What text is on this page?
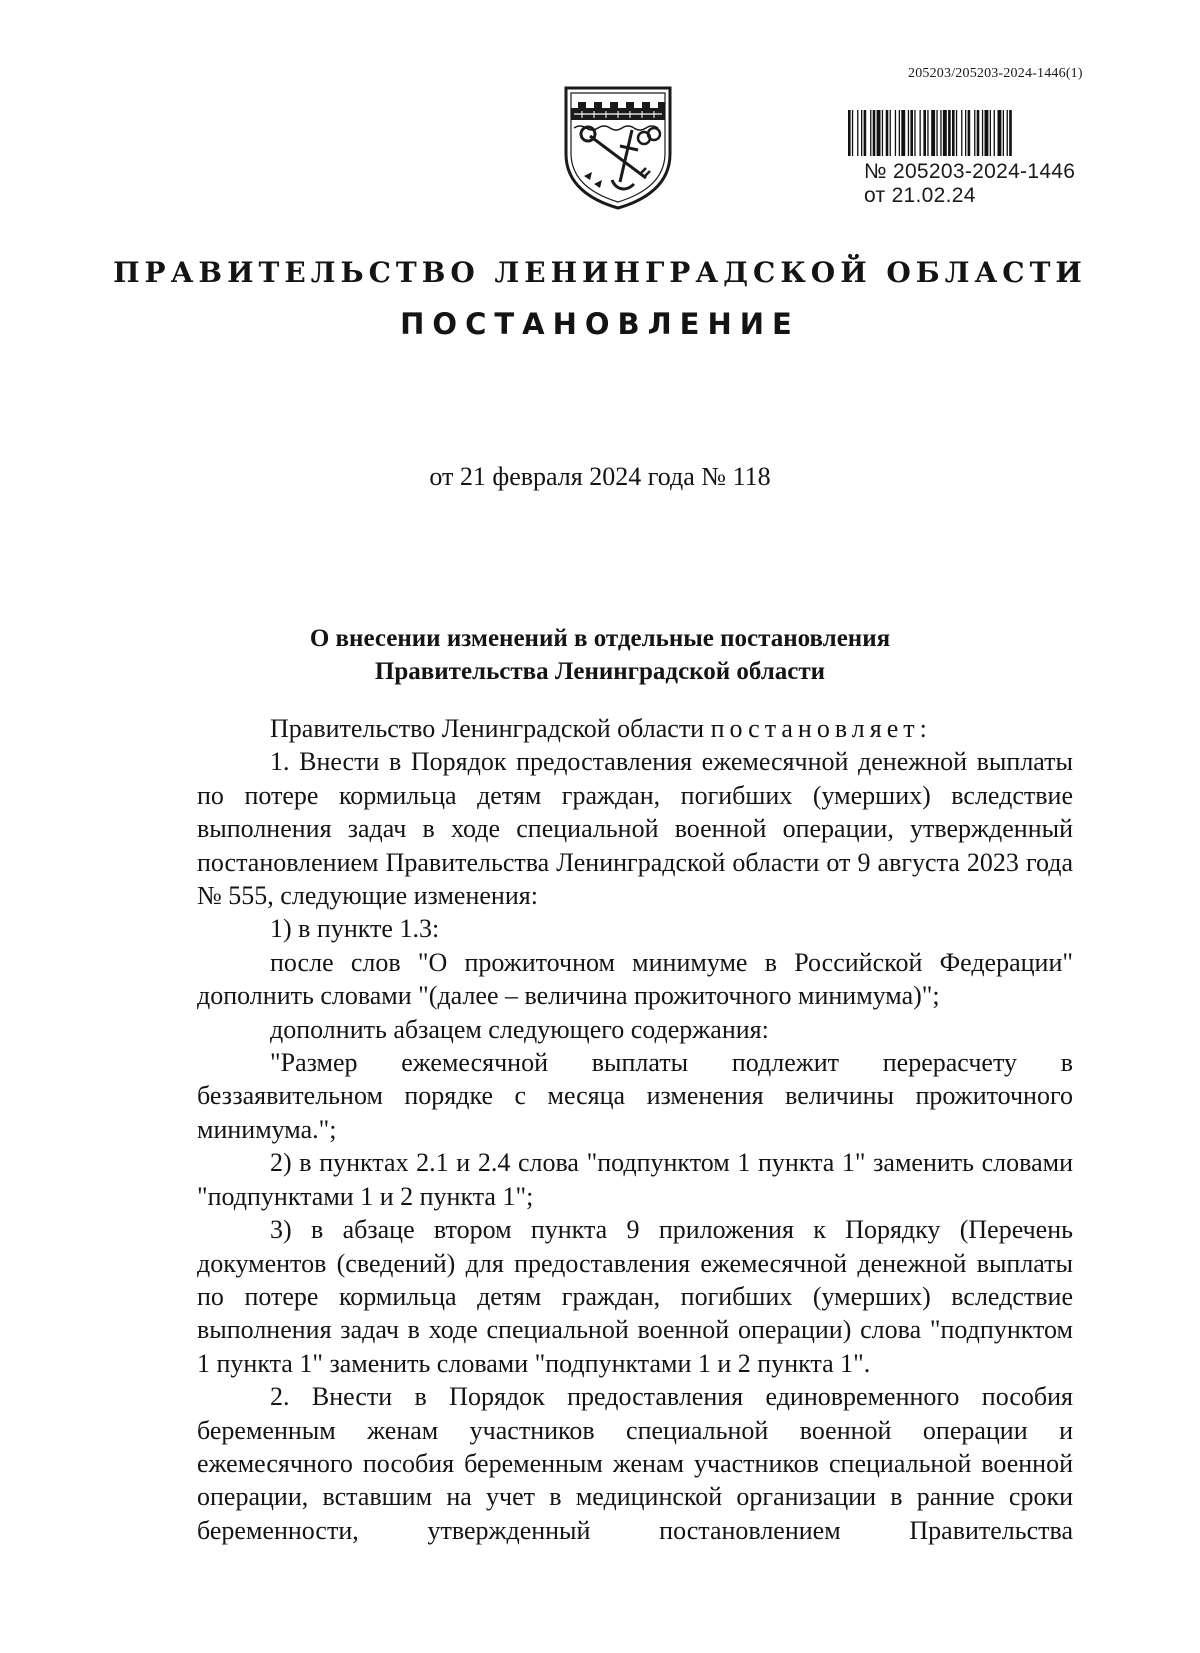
205203/205203-2024-1446(1)
№ 205203-2024-1446
от 21.02.24
ПРАВИТЕЛЬСТВО ЛЕНИНГРАДСКОЙ ОБЛАСТИ
ПОСТАНОВЛЕНИЕ
от 21 февраля 2024 года № 118
О внесении изменений в отдельные постановления
Правительства Ленинградской области

Правительство Ленинградской области постановляет:

1. Внести в Порядок предоставления ежемесячной денежной выплаты по потере кормильца детям граждан, погибших (умерших) вследствие выполнения задач в ходе специальной военной операции, утвержденный постановлением Правительства Ленинградской области от 9 августа 2023 года № 555, следующие изменения:

1) в пункте 1.3:

после слов "О прожиточном минимуме в Российской Федерации" дополнить словами "(далее – величина прожиточного минимума)";

дополнить абзацем следующего содержания:

"Размер ежемесячной выплаты подлежит перерасчету в беззаявительном порядке с месяца изменения величины прожиточного минимума.";

2) в пунктах 2.1 и 2.4 слова "подпунктом 1 пункта 1" заменить словами "подпунктами 1 и 2 пункта 1";

3) в абзаце втором пункта 9 приложения к Порядку (Перечень документов (сведений) для предоставления ежемесячной денежной выплаты по потере кормильца детям граждан, погибших (умерших) вследствие выполнения задач в ходе специальной военной операции) слова "подпунктом 1 пункта 1" заменить словами "подпунктами 1 и 2 пункта 1".

2. Внести в Порядок предоставления единовременного пособия беременным женам участников специальной военной операции и ежемесячного пособия беременным женам участников специальной военной операции, вставшим на учет в медицинской организации в ранние сроки беременности, утвержденный постановлением Правительства
